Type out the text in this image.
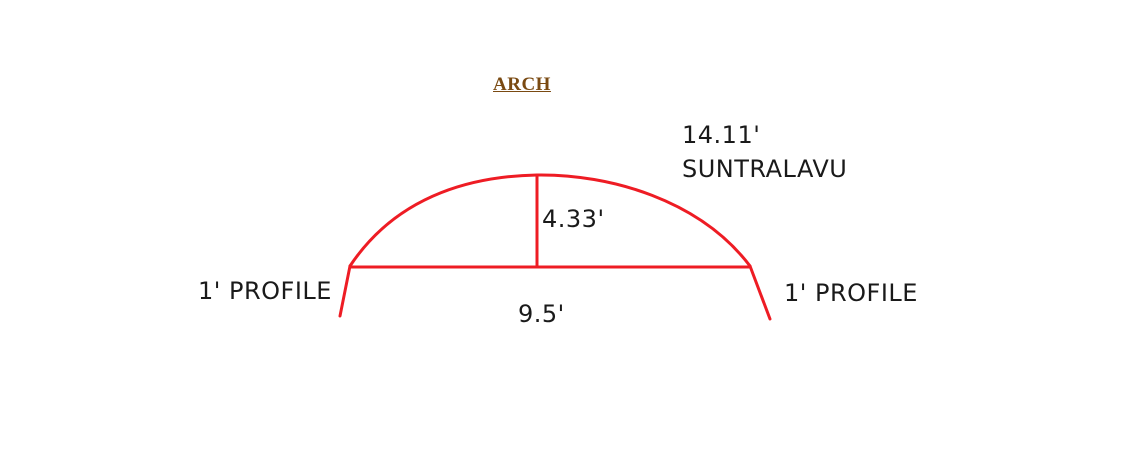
ARCH
14.11'
SUNTRALAVU
4.33'
9.5'
1' PROFILE	1' PROFILE
